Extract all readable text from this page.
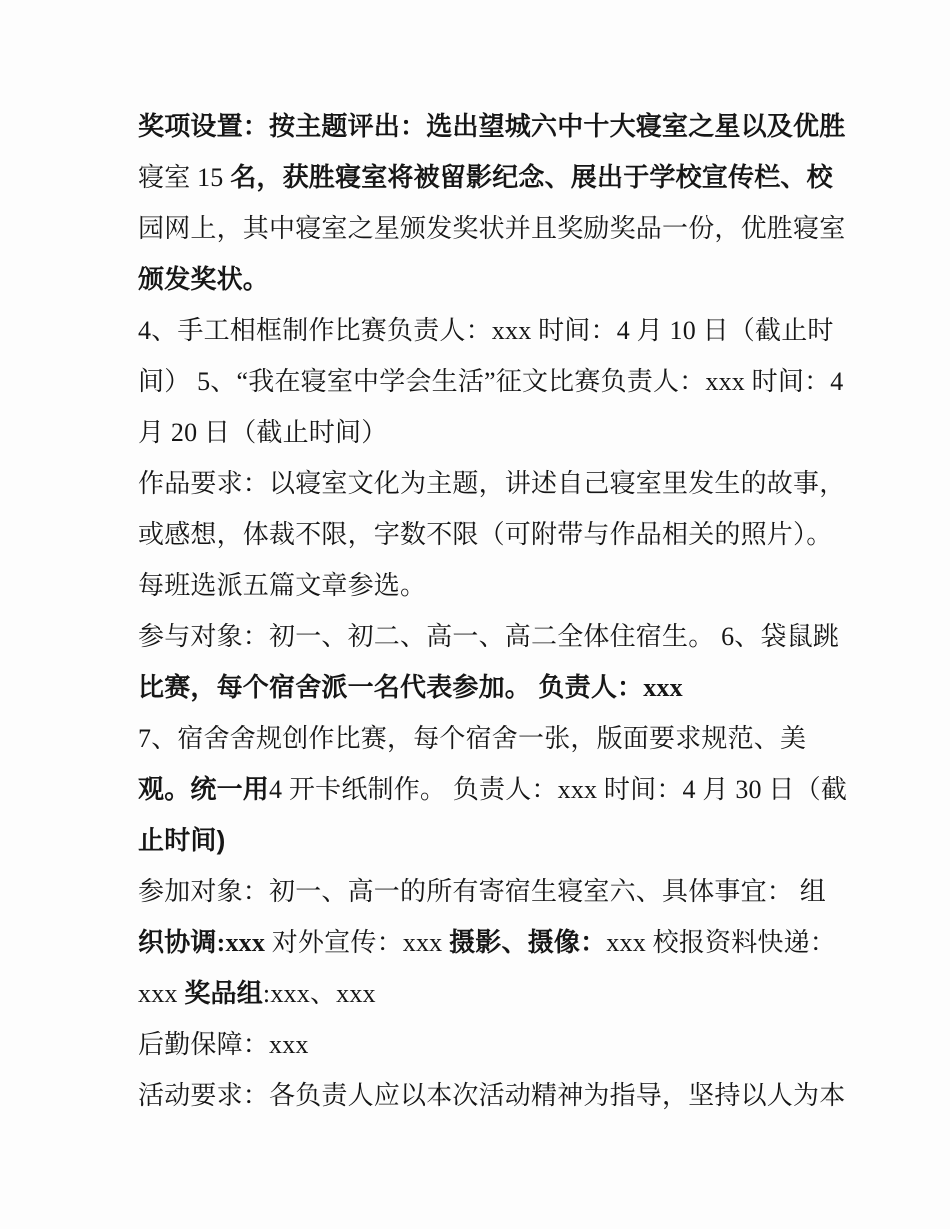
奖项设置：按主题评出：选出望城六中十大寝室之星以及优胜
寝室 15 名，获胜寝室将被留影纪念、展出于学校宣传栏、校
园网上，其中寝室之星颁发奖状并且奖励奖品一份，优胜寝室
颁发奖状。
4、手工相框制作比赛负责人：xxx 时间：4 月 10 日（截止时
间） 5、“我在寝室中学会生活”征文比赛负责人：xxx 时间：4
月 20 日（截止时间）
作品要求：以寝室文化为主题，讲述自己寝室里发生的故事，
或感想，体裁不限，字数不限（可附带与作品相关的照片）。
每班选派五篇文章参选。
参与对象：初一、初二、高一、高二全体住宿生。 6、袋鼠跳
比赛，每个宿舍派一名代表参加。 负责人：xxx
7、宿舍舍规创作比赛，每个宿舍一张，版面要求规范、美
观。统一用4 开卡纸制作。 负责人：xxx 时间：4 月 30 日（截
止时间)
参加对象：初一、高一的所有寄宿生寝室六、具体事宜： 组
织协调:xxx 对外宣传：xxx 摄影、摄像：xxx 校报资料快递：
xxx 奖品组:xxx、xxx
后勤保障：xxx
活动要求：各负责人应以本次活动精神为指导，坚持以人为本
